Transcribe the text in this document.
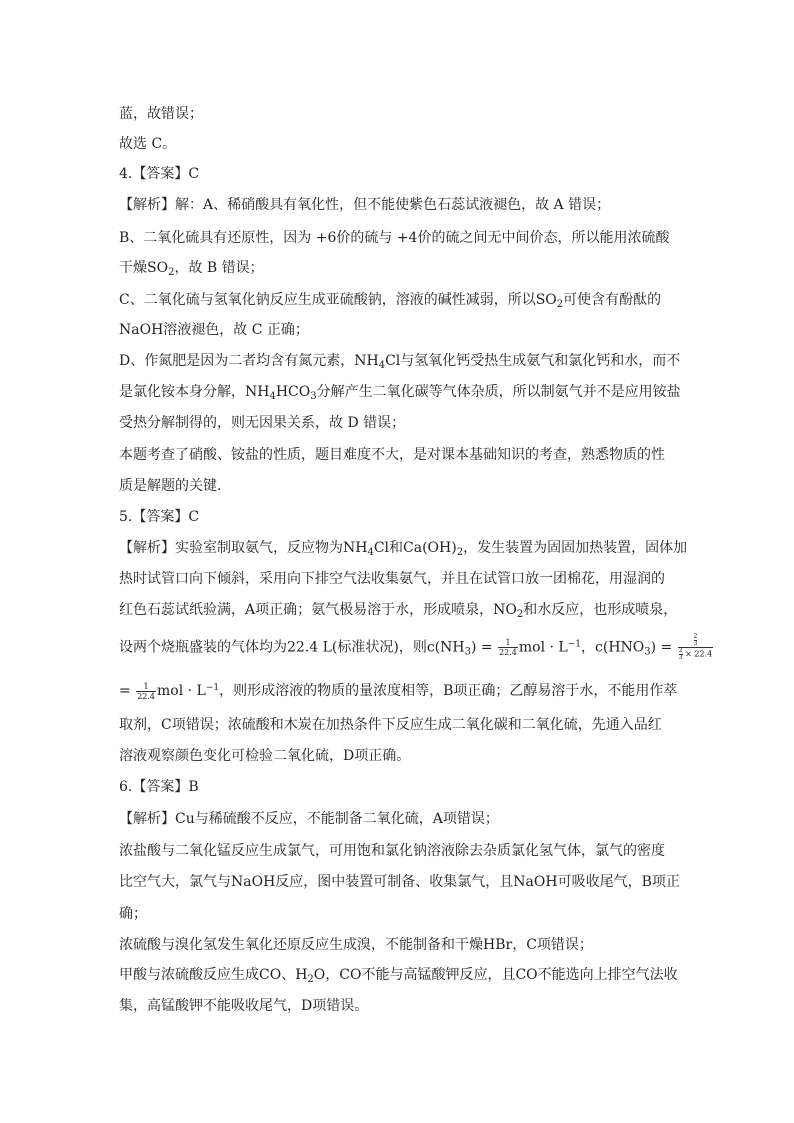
蓝，故错误；
故选 C。
4.【答案】C
【解析】解：A、稀硝酸具有氧化性，但不能使紫色石蕊试液褪色，故 A 错误；
B、二氧化硫具有还原性，因为 +6价的硫与 +4价的硫之间无中间价态，所以能用浓硫酸
干燥$SO_2$，故 B 错误；
C、二氧化硫与氢氧化钠反应生成亚硫酸钠，溶液的碱性减弱，所以$SO_2$可使含有酚酞的
NaOH溶液褪色，故 C 正确；
D、作氮肥是因为二者均含有氮元素，$NH_4Cl$与氢氧化钙受热生成氨气和氯化钙和水，而不
是氯化铵本身分解，$NH_4HCO_3$分解产生二氧化碳等气体杂质，所以制氨气并不是应用铵盐
受热分解制得的，则无因果关系，故 D 错误；
本题考查了硝酸、铵盐的性质，题目难度不大，是对课本基础知识的考查，熟悉物质的性
质是解题的关键．
5.【答案】C
【解析】实验室制取氨气，反应物为$NH_4Cl$和$Ca(OH)_2$，发生装置为固固加热装置，固体加
热时试管口向下倾斜，采用向下排空气法收集氨气，并且在试管口放一团棉花，用湿润的
红色石蕊试纸验满，A项正确；氨气极易溶于水，形成喷泉，$NO_2$和水反应，也形成喷泉，
设两个烧瓶盛装的气体均为22.4 L(标准状况)，则$c(NH_3) = \frac{1}{22.4}$ mol · $L^{-1}$，$c(HNO_3) = \frac{\frac{2}{3}}{\frac{2}{3} \times 22.4}$
= $\frac{1}{22.4}$ mol · $L^{-1}$，则形成溶液的物质的量浓度相等，B项正确；乙醇易溶于水，不能用作萃
取剂，C项错误；浓硫酸和木炭在加热条件下反应生成二氧化碳和二氧化硫，先通入品红
溶液观察颜色变化可检验二氧化硫，D项正确。
6.【答案】B
【解析】Cu与稀硫酸不反应，不能制备二氧化硫，A项错误；
浓盐酸与二氧化锰反应生成氯气，可用饱和氯化钠溶液除去杂质氯化氢气体，氯气的密度
比空气大，氯气与NaOH反应，图中装置可制备、收集氯气，且NaOH可吸收尾气，B项正
确；
浓硫酸与溴化氢发生氧化还原反应生成溴，不能制备和干燥HBr，C项错误；
甲酸与浓硫酸反应生成CO、$H_2O$，CO不能与高锰酸钾反应，且CO不能选向上排空气法收
集，高锰酸钾不能吸收尾气，D项错误。
